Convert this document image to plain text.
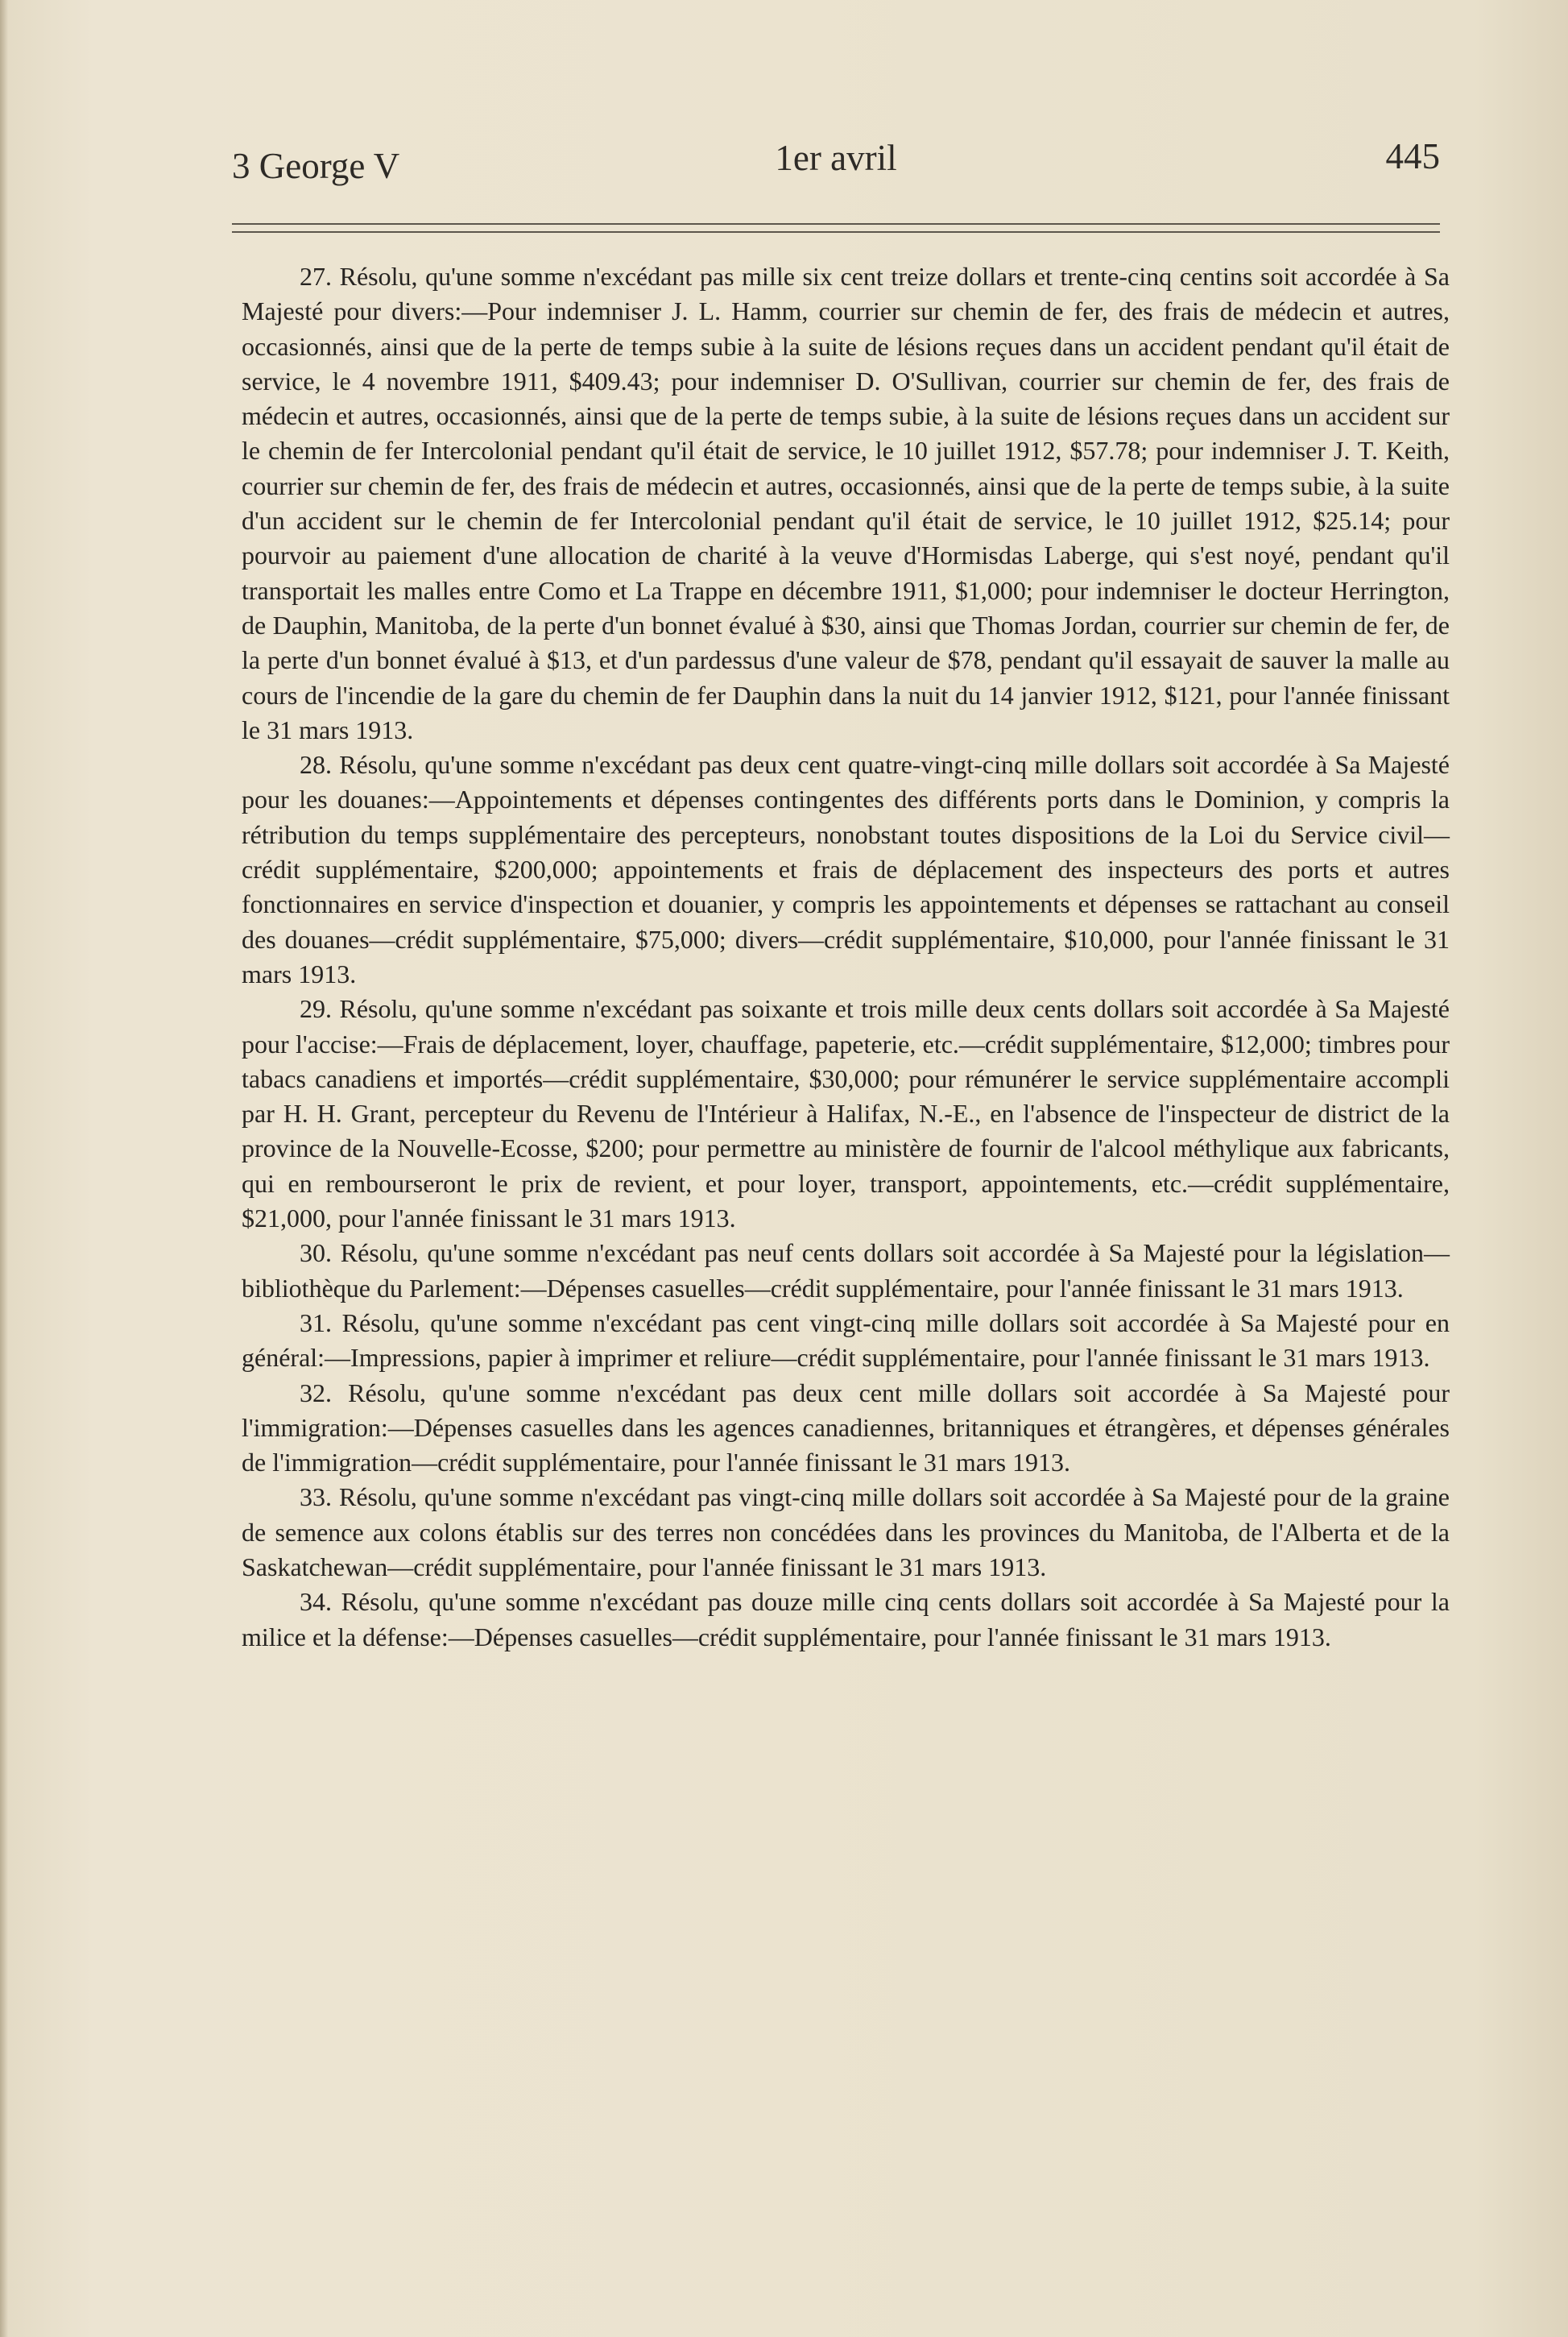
3 George V	1er avril	445

27. Résolu, qu'une somme n'excédant pas mille six cent treize dollars et trente-cinq centins soit accordée à Sa Majesté pour divers:—Pour indemniser J. L. Hamm, courrier sur chemin de fer, des frais de médecin et autres, occasionnés, ainsi que de la perte de temps subie à la suite de lésions reçues dans un accident pendant qu'il était de service, le 4 novembre 1911, $409.43; pour indemniser D. O'Sullivan, courrier sur chemin de fer, des frais de médecin et autres, occasionnés, ainsi que de la perte de temps subie, à la suite de lésions reçues dans un accident sur le chemin de fer Intercolonial pendant qu'il était de service, le 10 juillet 1912, $57.78; pour indemniser J. T. Keith, courrier sur chemin de fer, des frais de médecin et autres, occasionnés, ainsi que de la perte de temps subie, à la suite d'un accident sur le chemin de fer Intercolonial pendant qu'il était de service, le 10 juillet 1912, $25.14; pour pourvoir au paiement d'une allocation de charité à la veuve d'Hormisdas Laberge, qui s'est noyé, pendant qu'il transportait les malles entre Como et La Trappe en décembre 1911, $1,000; pour indemniser le docteur Herrington, de Dauphin, Manitoba, de la perte d'un bonnet évalué à $30, ainsi que Thomas Jordan, courrier sur chemin de fer, de la perte d'un bonnet évalué à $13, et d'un pardessus d'une valeur de $78, pendant qu'il essayait de sauver la malle au cours de l'incendie de la gare du chemin de fer Dauphin dans la nuit du 14 janvier 1912, $121, pour l'année finissant le 31 mars 1913.

28. Résolu, qu'une somme n'excédant pas deux cent quatre-vingt-cinq mille dollars soit accordée à Sa Majesté pour les douanes:—Appointements et dépenses contingentes des différents ports dans le Dominion, y compris la rétribution du temps supplémentaire des percepteurs, nonobstant toutes dispositions de la Loi du Service civil—crédit supplémentaire, $200,000; appointements et frais de déplacement des inspecteurs des ports et autres fonctionnaires en service d'inspection et douanier, y compris les appointements et dépenses se rattachant au conseil des douanes—crédit supplémentaire, $75,000; divers—crédit supplémentaire, $10,000, pour l'année finissant le 31 mars 1913.

29. Résolu, qu'une somme n'excédant pas soixante et trois mille deux cents dollars soit accordée à Sa Majesté pour l'accise:—Frais de déplacement, loyer, chauffage, papeterie, etc.—crédit supplémentaire, $12,000; timbres pour tabacs canadiens et importés—crédit supplémentaire, $30,000; pour rémunérer le service supplémentaire accompli par H. H. Grant, percepteur du Revenu de l'Intérieur à Halifax, N.-E., en l'absence de l'inspecteur de district de la province de la Nouvelle-Ecosse, $200; pour permettre au ministère de fournir de l'alcool méthylique aux fabricants, qui en rembourseront le prix de revient, et pour loyer, transport, appointements, etc.—crédit supplémentaire, $21,000, pour l'année finissant le 31 mars 1913.

30. Résolu, qu'une somme n'excédant pas neuf cents dollars soit accordée à Sa Majesté pour la législation—bibliothèque du Parlement:—Dépenses casuelles—crédit supplémentaire, pour l'année finissant le 31 mars 1913.

31. Résolu, qu'une somme n'excédant pas cent vingt-cinq mille dollars soit accordée à Sa Majesté pour en général:—Impressions, papier à imprimer et reliure—crédit supplémentaire, pour l'année finissant le 31 mars 1913.

32. Résolu, qu'une somme n'excédant pas deux cent mille dollars soit accordée à Sa Majesté pour l'immigration:—Dépenses casuelles dans les agences canadiennes, britanniques et étrangères, et dépenses générales de l'immigration—crédit supplémentaire, pour l'année finissant le 31 mars 1913.

33. Résolu, qu'une somme n'excédant pas vingt-cinq mille dollars soit accordée à Sa Majesté pour de la graine de semence aux colons établis sur des terres non concédées dans les provinces du Manitoba, de l'Alberta et de la Saskatchewan—crédit supplémentaire, pour l'année finissant le 31 mars 1913.

34. Résolu, qu'une somme n'excédant pas douze mille cinq cents dollars soit accordée à Sa Majesté pour la milice et la défense:—Dépenses casuelles—crédit supplémentaire, pour l'année finissant le 31 mars 1913.
